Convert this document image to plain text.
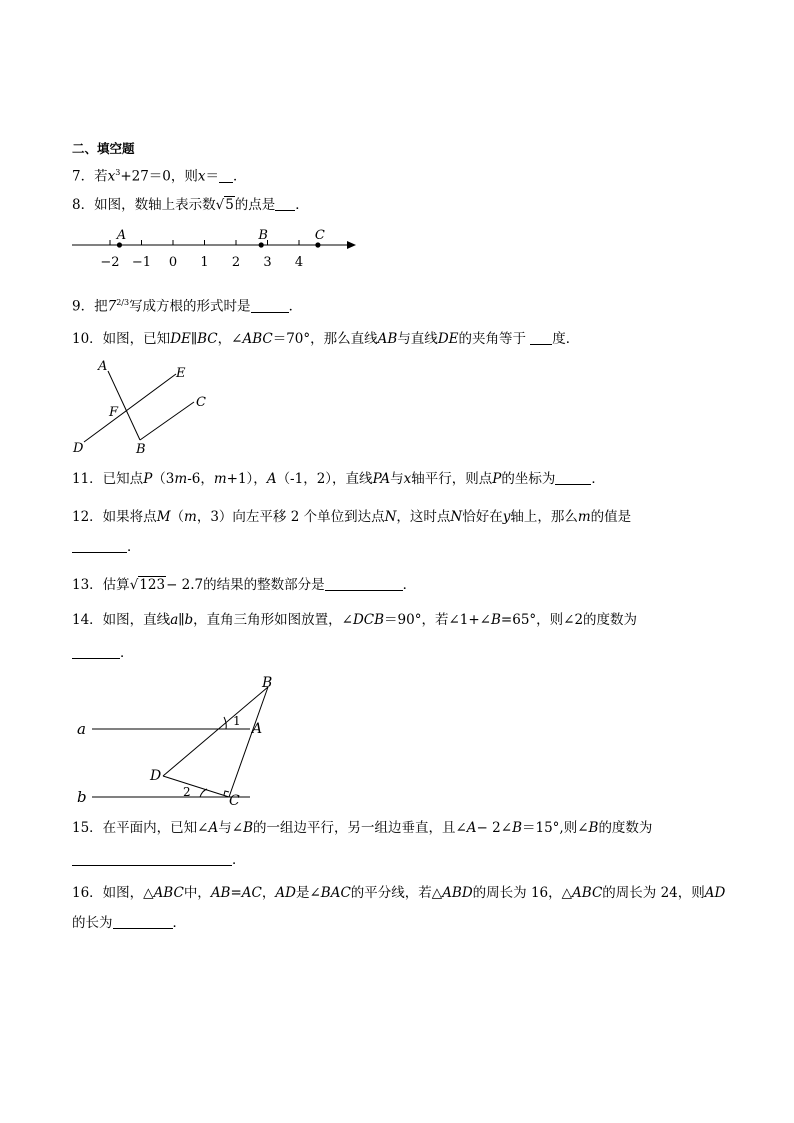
二、填空题
7．若$x^3+27=0$，则x＝ ．
8．如图，数轴上表示数√5的点是 ．
−2 −1 0 1 2 3 4
A	B	C
9．把$7^{2/3}$写成方根的形式时是	．
10．如图，已知DE∥BC，∠ABC＝70°，那么直线AB与直线DE的夹角等于 度．
A	E
C
F
D	B
11．已知点P（3m-6，m+1），A（-1，2），直线PA与x轴平行，则点P的坐标为	．
12．如果将点M（m，3）向左平移 2 个单位到达点N，这时点N恰好在y轴上，那么m的值是
．
13．估算√123− 2.7的结果的整数部分是	．
14．如图，直线a∥b，直角三角形如图放置，∠DCB＝90°，若∠1+∠B=65°，则∠2的度数为
．
B
1 A
a
D
2
b	C
15．在平面内，已知∠A与∠B的一组边平行，另一组边垂直，且∠A− 2∠B＝15°,则∠B的度数为
．
16．如图，△ABC中，AB=AC，AD是∠BAC的平分线，若△ABD的周长为 16，△ABC的周长为 24，则AD
的长为	．
